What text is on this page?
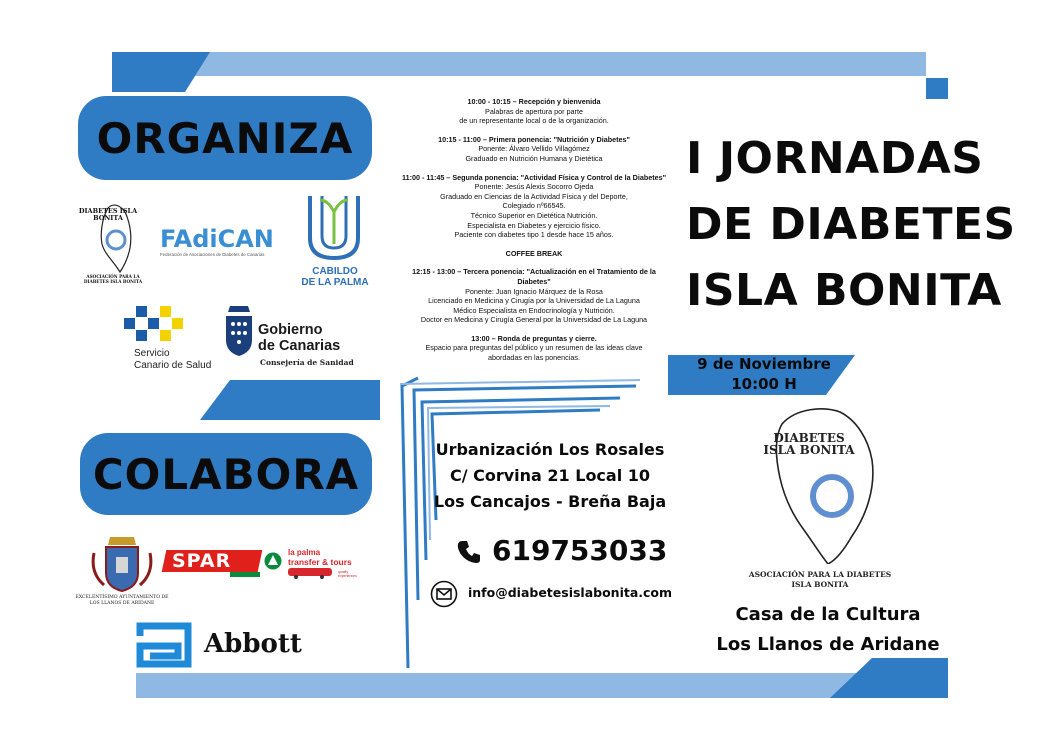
ORGANIZA
DIABETES ISLA BONITA
ASOCIACIÓN PARA LA DIABETES ISLA BONITA
FAdiCAN
Federación de Asociaciones de Diabetes de Canarias
CABILDO
DE LA PALMA
Servicio
Canario de Salud
Gobierno
de Canarias
Consejería de Sanidad
COLABORA
EXCELENTÍSIMO AYUNTAMIENTO DE LOS LLANOS DE ARIDANE
SPAR	la palma
transfer & tours
quality experiences
Abbott
10:00 - 10:15 – Recepción y bienvenida
Palabras de apertura por parte
de un representante local o de la organización.
10:15 - 11:00 – Primera ponencia: "Nutrición y Diabetes"
Ponente: Álvaro Vellido Villagómez
Graduado en Nutrición Humana y Dietética
11:00 - 11:45 – Segunda ponencia: "Actividad Física y Control de la Diabetes"
Ponente: Jesús Alexis Socorro Ojeda
Graduado en Ciencias de la Actividad Física y del Deporte,
Colegiado nº66545.
Técnico Superior en Dietética Nutrición.
Especialista en Diabetes y ejercicio físico.
Paciente con diabetes tipo 1 desde hace 15 años.
COFFEE BREAK
12:15 - 13:00 – Tercera ponencia: "Actualización en el Tratamiento de la Diabetes"
Ponente: Juan Ignacio Márquez de la Rosa
Licenciado en Medicina y Cirugía por la Universidad de La Laguna
Médico Especialista en Endocrinología y Nutrición.
Doctor en Medicina y Cirugía General por la Universidad de La Laguna
13:00 – Ronda de preguntas y cierre.
Espacio para preguntas del público y un resumen de las ideas clave
abordadas en las ponencias.
I JORNADAS
DE DIABETES
ISLA BONITA
9 de Noviembre
10:00 H
Urbanización Los Rosales
C/ Corvina 21 Local 10
Los Cancajos - Breña Baja
619753033
info@diabetesislabonita.com
DIABETES
ISLA BONITA
ASOCIACIÓN PARA LA DIABETES
ISLA BONITA
Casa de la Cultura
Los Llanos de Aridane
